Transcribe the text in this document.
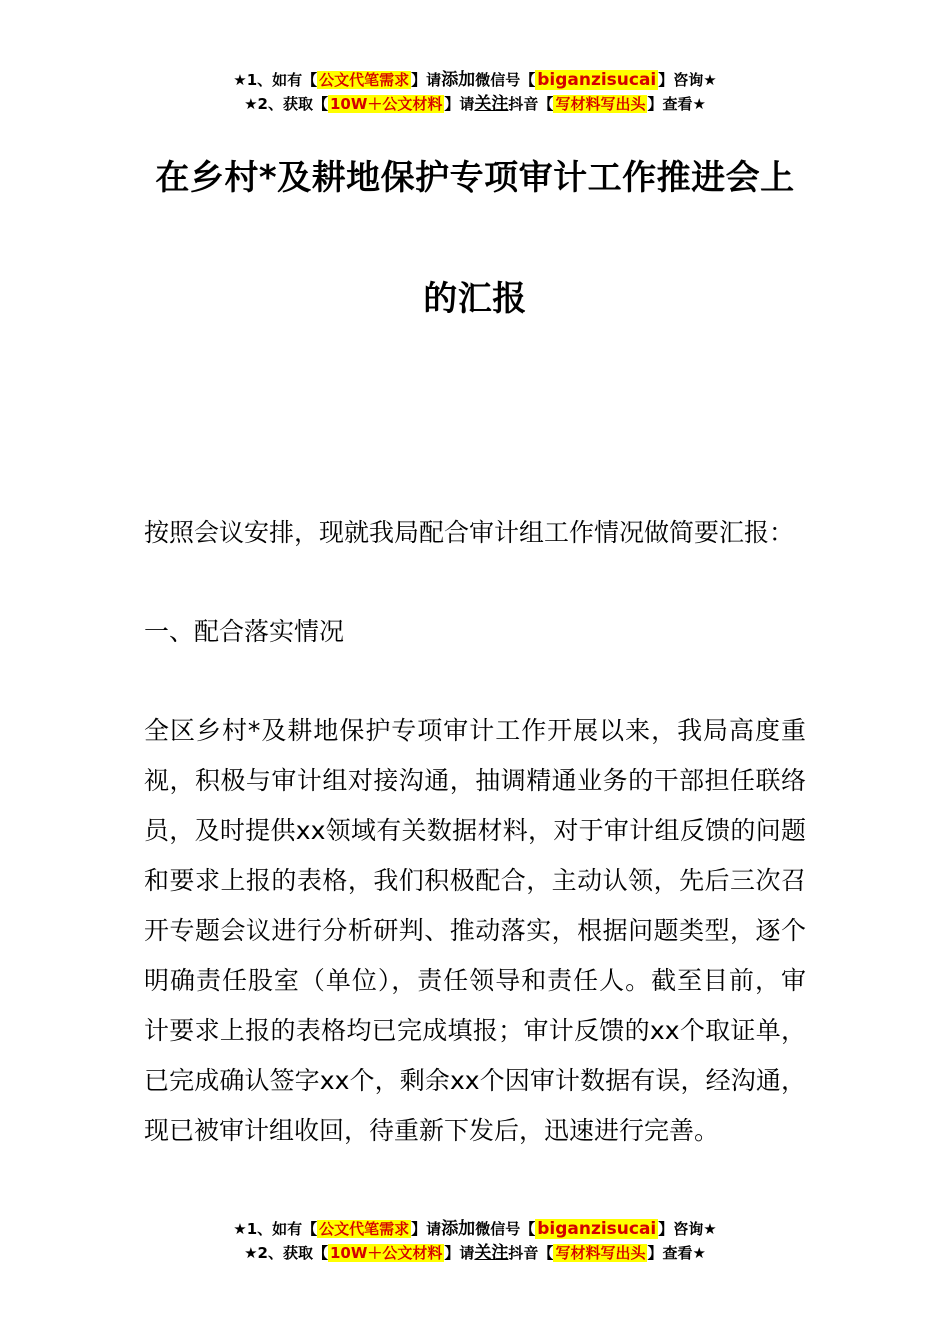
★1、如有【 公文代笔需求 】请添加微信号【 biganzisucai 】咨询★
★2、获取【 10W＋公文材料 】请关注抖音【 写材料写出头 】查看★
在乡村*及耕地保护专项审计工作推进会上
的汇报
按照会议安排，现就我局配合审计组工作情况做简要汇报：
一、配合落实情况
全区乡村*及耕地保护专项审计工作开展以来，我局高度重视，积极与审计组对接沟通，抽调精通业务的干部担任联络员，及时提供xx领域有关数据材料，对于审计组反馈的问题和要求上报的表格，我们积极配合，主动认领，先后三次召开专题会议进行分析研判、推动落实，根据问题类型，逐个明确责任股室（单位），责任领导和责任人。截至目前，审计要求上报的表格均已完成填报；审计反馈的xx个取证单，已完成确认签字xx个，剩余xx个因审计数据有误，经沟通，现已被审计组收回，待重新下发后，迅速进行完善。
★1、如有【 公文代笔需求 】请添加微信号【 biganzisucai 】咨询★
★2、获取【 10W＋公文材料 】请关注抖音【 写材料写出头 】查看★
